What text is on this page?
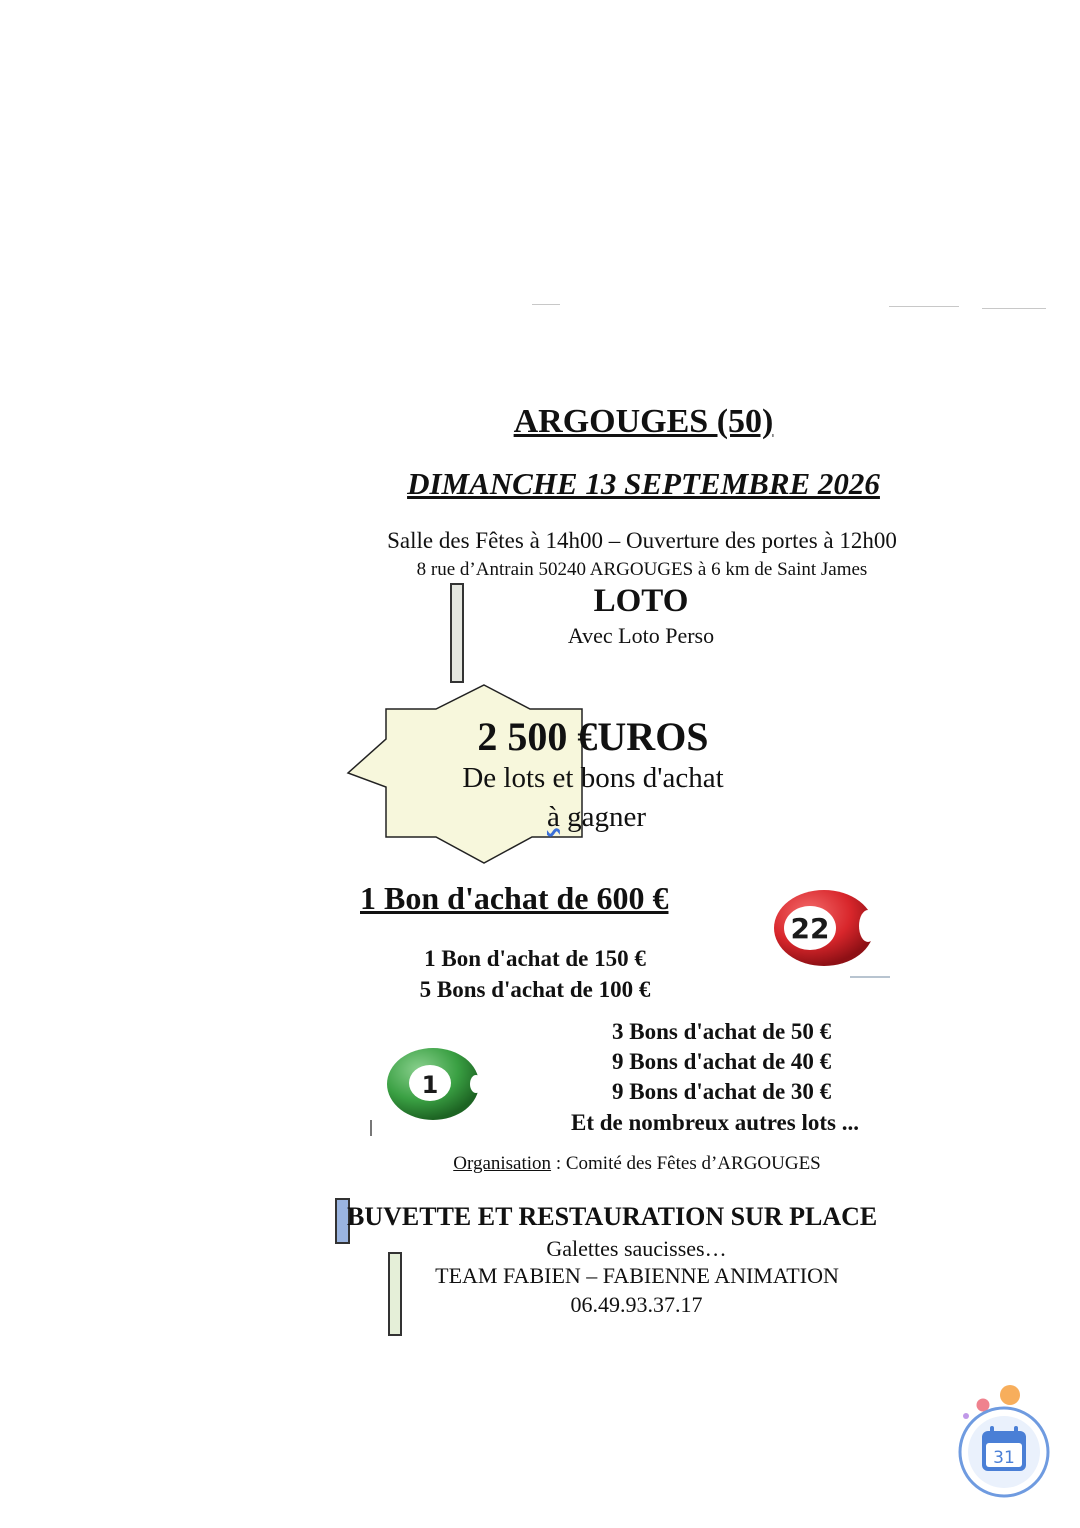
ARGOUGES (50)
DIMANCHE 13 SEPTEMBRE 2026
Salle des Fêtes à 14h00 – Ouverture des portes à 12h00
8 rue d’Antrain 50240 ARGOUGES à 6 km de Saint James
LOTO
Avec Loto Perso
2 500 €UROS
De lots et bons d'achat
à gagner
1 Bon d'achat de 600 €
22
1 Bon d'achat de 150 €
5 Bons d'achat de 100 €
1
3 Bons d'achat de 50 €
9 Bons d'achat de 40 €
9 Bons d'achat de 30 €
Et de nombreux autres lots ...
Organisation : Comité des Fêtes d’ARGOUGES
BUVETTE ET RESTAURATION SUR PLACE
Galettes saucisses…
TEAM FABIEN – FABIENNE ANIMATION
06.49.93.37.17
31
